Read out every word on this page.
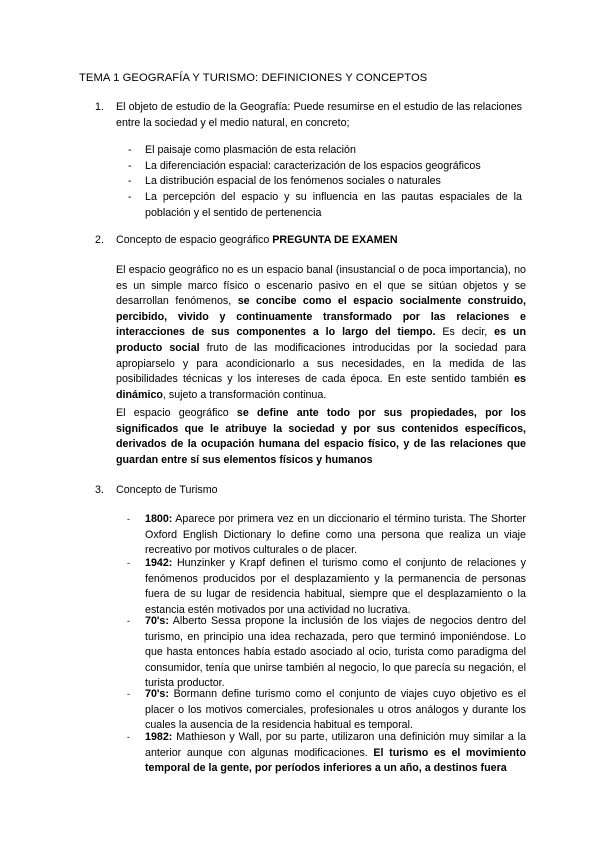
TEMA 1 GEOGRAFÍA Y TURISMO: DEFINICIONES Y CONCEPTOS
1. El objeto de estudio de la Geografía: Puede resumirse en el estudio de las relaciones entre la sociedad y el medio natural, en concreto;
- El paisaje como plasmación de esta relación
- La diferenciación espacial: caracterización de los espacios geográficos
- La distribución espacial de los fenómenos sociales o naturales
- La percepción del espacio y su influencia en las pautas espaciales de la población y el sentido de pertenencia
2. Concepto de espacio geográfico PREGUNTA DE EXAMEN
El espacio geográfico no es un espacio banal (insustancial o de poca importancia), no es un simple marco físico o escenario pasivo en el que se sitúan objetos y se desarrollan fenómenos, se concibe como el espacio socialmente construido, percibido, vivido y continuamente transformado por las relaciones e interacciones de sus componentes a lo largo del tiempo. Es decir, es un producto social fruto de las modificaciones introducidas por la sociedad para apropiarselo y para acondicionarlo a sus necesidades, en la medida de las posibilidades técnicas y los intereses de cada época. En este sentido también es dinámico, sujeto a transformación continua.
El espacio geográfico se define ante todo por sus propiedades, por los significados que le atribuye la sociedad y por sus contenidos específicos, derivados de la ocupación humana del espacio físico, y de las relaciones que guardan entre sí sus elementos físicos y humanos
3. Concepto de Turismo
- 1800: Aparece por primera vez en un diccionario el término turista. The Shorter Oxford English Dictionary lo define como una persona que realiza un viaje recreativo por motivos culturales o de placer.
- 1942: Hunzinker y Krapf definen el turismo como el conjunto de relaciones y fenómenos producidos por el desplazamiento y la permanencia de personas fuera de su lugar de residencia habitual, siempre que el desplazamiento o la estancia estén motivados por una actividad no lucrativa.
- 70's: Alberto Sessa propone la inclusión de los viajes de negocios dentro del turismo, en principio una idea rechazada, pero que terminó imponiéndose. Lo que hasta entonces había estado asociado al ocio, turista como paradigma del consumidor, tenía que unirse también al negocio, lo que parecía su negación, el turista productor.
- 70's: Bormann define turismo como el conjunto de viajes cuyo objetivo es el placer o los motivos comerciales, profesionales u otros análogos y durante los cuales la ausencia de la residencia habitual es temporal.
- 1982: Mathieson y Wall, por su parte, utilizaron una definición muy similar a la anterior aunque con algunas modificaciones. El turismo es el movimiento temporal de la gente, por períodos inferiores a un año, a destinos fuera
